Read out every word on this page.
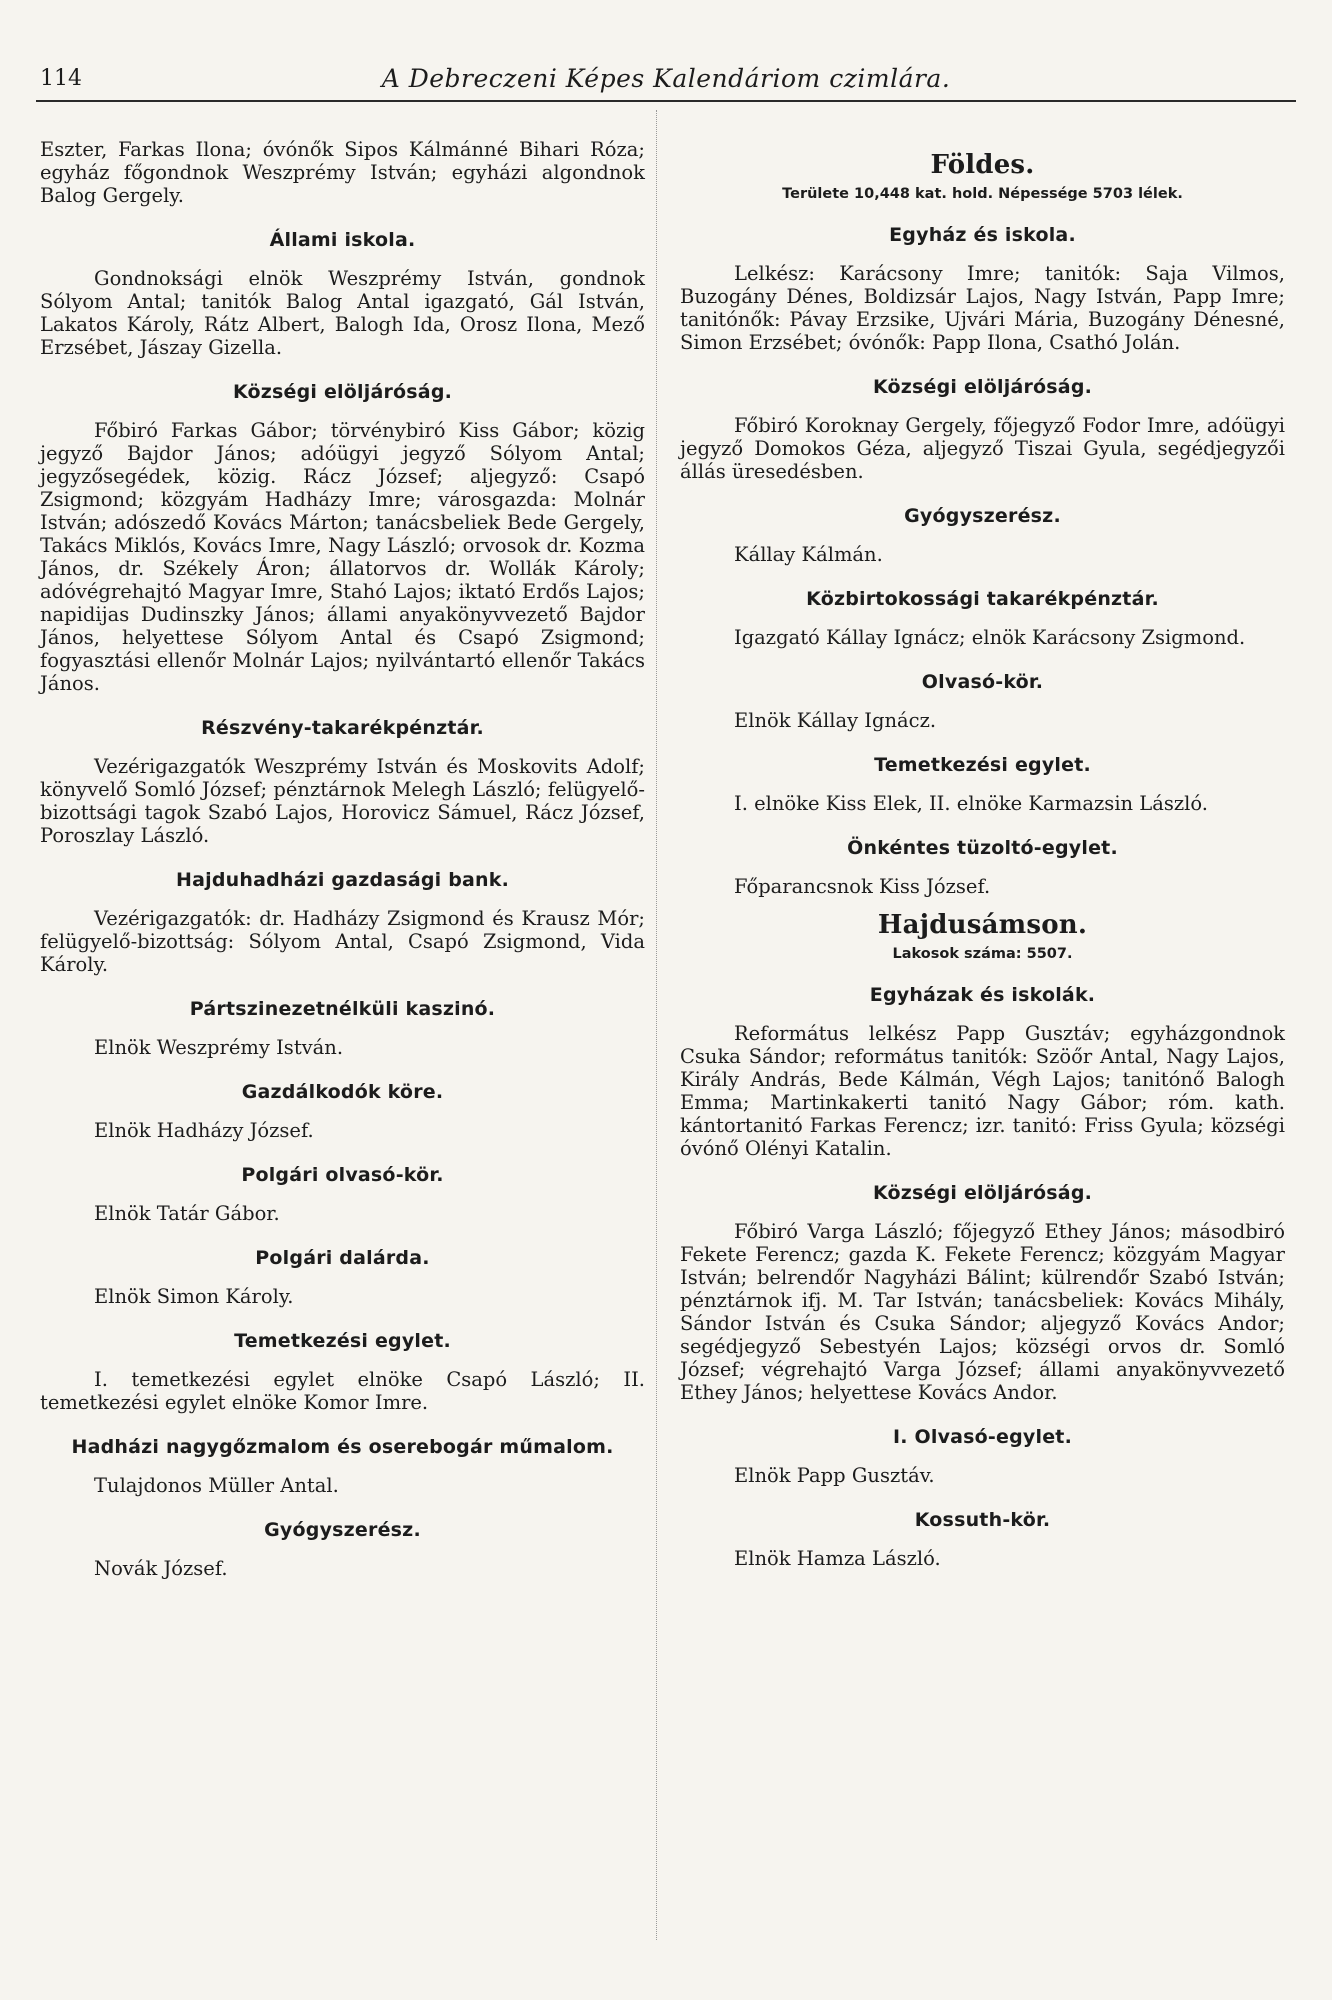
114	A Debreczeni Képes Kalendáriom czimlára.

Eszter, Farkas Ilona; óvónők Sipos Kálmánné Bihari Róza; egyház főgondnok Weszprémy István; egyházi algondnok Balog Gergely.

Állami iskola.

Gondnoksági elnök Weszprémy István, gondnok Sólyom Antal; tanitók Balog Antal igazgató, Gál István, Lakatos Károly, Rátz Albert, Balogh Ida, Orosz Ilona, Mező Erzsébet, Jászay Gizella.

Községi elöljáróság.

Főbiró Farkas Gábor; törvénybiró Kiss Gábor; közig jegyző Bajdor János; adóügyi jegyző Sólyom Antal; jegyzősegédek, közig. Rácz József; aljegyző: Csapó Zsigmond; közgyám Hadházy Imre; városgazda: Molnár István; adószedő Kovács Márton; tanácsbeliek Bede Gergely, Takács Miklós, Kovács Imre, Nagy László; orvosok dr. Kozma János, dr. Székely Áron; állatorvos dr. Wollák Károly; adóvégrehajtó Magyar Imre, Stahó Lajos; iktató Erdős Lajos; napidijas Dudinszky János; állami anyakönyvvezető Bajdor János, helyettese Sólyom Antal és Csapó Zsigmond; fogyasztási ellenőr Molnár Lajos; nyilvántartó ellenőr Takács János.

Részvény-takarékpénztár.

Vezérigazgatók Weszprémy István és Moskovits Adolf; könyvelő Somló József; pénztárnok Melegh László; felügyelő-bizottsági tagok Szabó Lajos, Horovicz Sámuel, Rácz József, Poroszlay László.

Hajduhadházi gazdasági bank.

Vezérigazgatók: dr. Hadházy Zsigmond és Krausz Mór; felügyelő-bizottság: Sólyom Antal, Csapó Zsigmond, Vida Károly.

Pártszinezetnélküli kaszinó.

Elnök Weszprémy István.

Gazdálkodók köre.

Elnök Hadházy József.

Polgári olvasó-kör.

Elnök Tatár Gábor.

Polgári dalárda.

Elnök Simon Károly.

Temetkezési egylet.

I. temetkezési egylet elnöke Csapó László; II. temetkezési egylet elnöke Komor Imre.

Hadházi nagygőzmalom és oserebogár műmalom.

Tulajdonos Müller Antal.

Gyógyszerész.

Novák József.

Földes.
Területe 10,448 kat. hold. Népessége 5703 lélek.
Egyház és iskola.

Lelkész: Karácsony Imre; tanitók: Saja Vilmos, Buzogány Dénes, Boldizsár Lajos, Nagy István, Papp Imre; tanitónők: Pávay Erzsike, Ujvári Mária, Buzogány Dénesné, Simon Erzsébet; óvónők: Papp Ilona, Csathó Jolán.

Községi elöljáróság.

Főbiró Koroknay Gergely, főjegyző Fodor Imre, adóügyi jegyző Domokos Géza, aljegyző Tiszai Gyula, segédjegyzői állás üresedésben.

Gyógyszerész.

Kállay Kálmán.

Közbirtokossági takarékpénztár.

Igazgató Kállay Ignácz; elnök Karácsony Zsigmond.

Olvasó-kör.

Elnök Kállay Ignácz.

Temetkezési egylet.

I. elnöke Kiss Elek, II. elnöke Karmazsin László.

Önkéntes tüzoltó-egylet.

Főparancsnok Kiss József.

Hajdusámson.
Lakosok száma: 5507.
Egyházak és iskolák.

Református lelkész Papp Gusztáv; egyházgondnok Csuka Sándor; református tanitók: Szöőr Antal, Nagy Lajos, Király András, Bede Kálmán, Végh Lajos; tanitónő Balogh Emma; Martinkakerti tanitó Nagy Gábor; róm. kath. kántortanitó Farkas Ferencz; izr. tanitó: Friss Gyula; községi óvónő Olényi Katalin.

Községi elöljáróság.

Főbiró Varga László; főjegyző Ethey János; másodbiró Fekete Ferencz; gazda K. Fekete Ferencz; közgyám Magyar István; belrendőr Nagyházi Bálint; külrendőr Szabó István; pénztárnok ifj. M. Tar István; tanácsbeliek: Kovács Mihály, Sándor István és Csuka Sándor; aljegyző Kovács Andor; segédjegyző Sebestyén Lajos; községi orvos dr. Somló József; végrehajtó Varga József; állami anyakönyvvezető Ethey János; helyettese Kovács Andor.

I. Olvasó-egylet.

Elnök Papp Gusztáv.

Kossuth-kör.

Elnök Hamza László.
